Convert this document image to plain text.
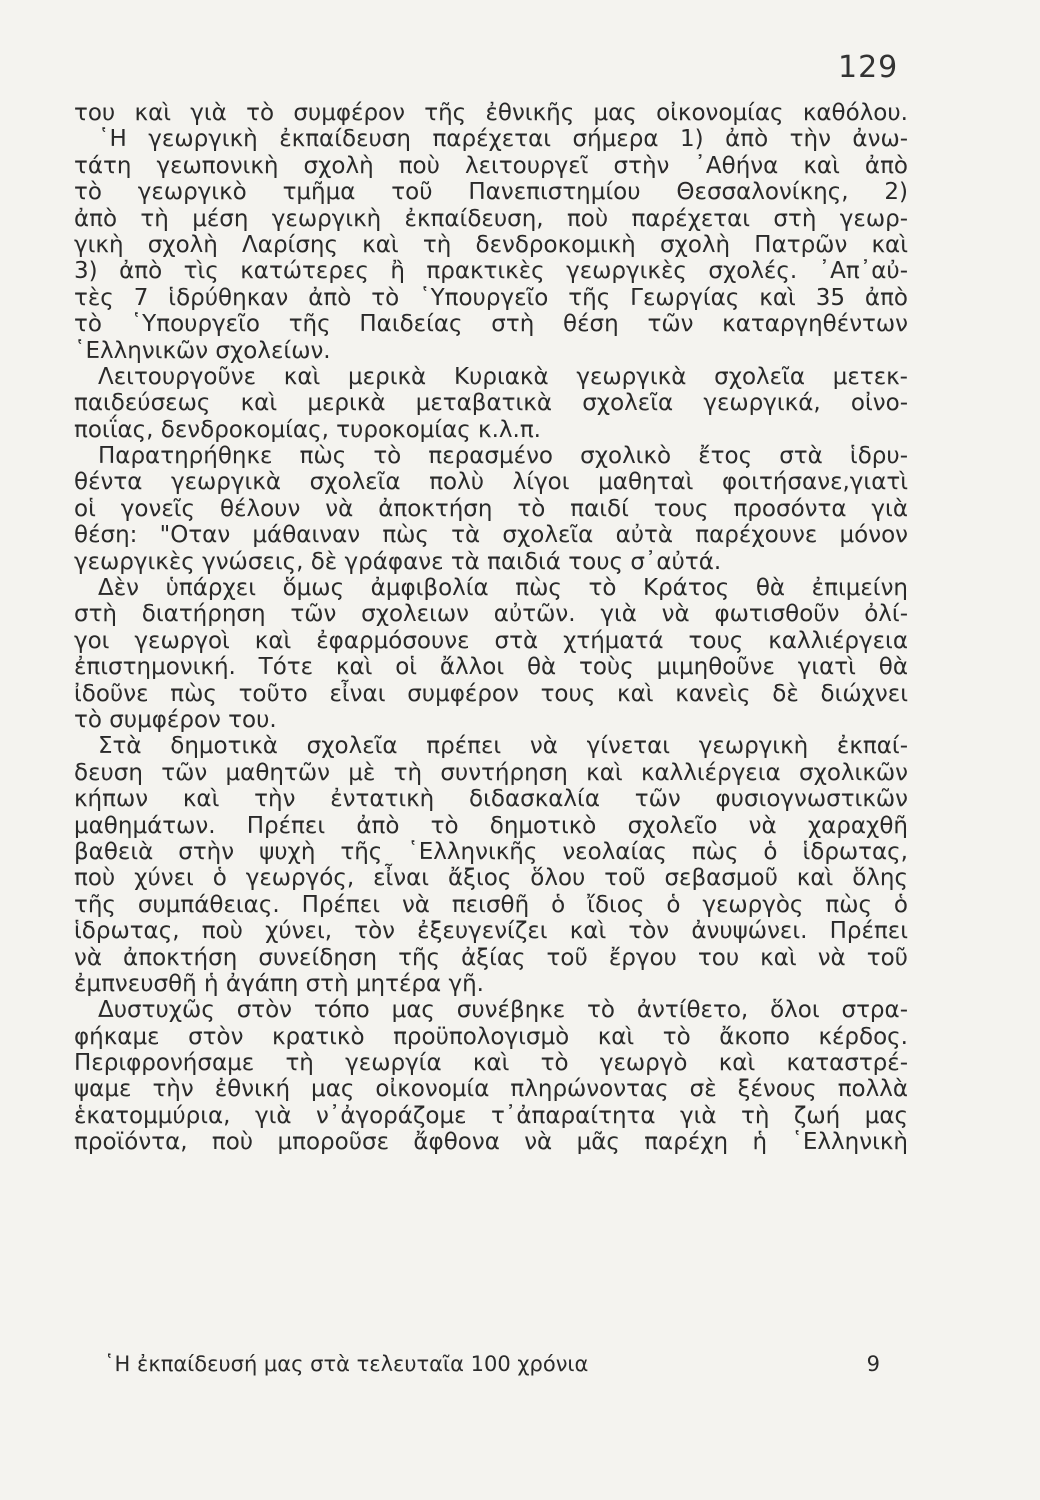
129
του καὶ γιὰ τὸ συμφέρον τῆς ἐθνικῆς μας οἰκονομίας καθόλου.
῾Η γεωργικὴ ἐκπαίδευση παρέχεται σήμερα 1) ἀπὸ τὴν ἀνω-
τάτη γεωπονικὴ σχολὴ ποὺ λειτουργεῖ στὴν ᾿Αθήνα καὶ ἀπὸ
τὸ γεωργικὸ τμῆμα τοῦ Πανεπιστημίου Θεσσαλονίκης, 2)
ἀπὸ τὴ μέση γεωργικὴ ἐκπαίδευση, ποὺ παρέχεται στὴ γεωρ-
γικὴ σχολὴ Λαρίσης καὶ τὴ δενδροκομικὴ σχολὴ Πατρῶν καὶ
3) ἀπὸ τὶς κατώτερες ἢ πρακτικὲς γεωργικὲς σχολές. ᾿Απ᾿αὐ-
τὲς 7 ἱδρύθηκαν ἀπὸ τὸ ῾Υπουργεῖο τῆς Γεωργίας καὶ 35 ἀπὸ
τὸ ῾Υπουργεῖο τῆς Παιδείας στὴ θέση τῶν καταργηθέντων
῾Ελληνικῶν σχολείων.
Λειτουργοῦνε καὶ μερικὰ Κυριακὰ γεωργικὰ σχολεῖα μετεκ-
παιδεύσεως καὶ μερικὰ μεταβατικὰ σχολεῖα γεωργικά, οἰνο-
ποιΐας, δενδροκομίας, τυροκομίας κ.λ.π.
Παρατηρήθηκε πὼς τὸ περασμένο σχολικὸ ἔτος στὰ ἱδρυ-
θέντα γεωργικὰ σχολεῖα πολὺ λίγοι μαθηταὶ φοιτήσανε,γιατὶ
οἱ γονεῖς θέλουν νὰ ἀποκτήση τὸ παιδί τους προσόντα γιὰ
θέση: "Οταν μάθαιναν πὼς τὰ σχολεῖα αὐτὰ παρέχουνε μόνον
γεωργικὲς γνώσεις, δὲ γράφανε τὰ παιδιά τους σ᾿αὐτά.
Δὲν ὑπάρχει ὅμως ἀμφιβολία πὼς τὸ Κράτος θὰ ἐπιμείνη
στὴ διατήρηση τῶν σχολειων αὐτῶν. γιὰ νὰ φωτισθοῦν ὀλί-
γοι γεωργοὶ καὶ ἐφαρμόσουνε στὰ χτήματά τους καλλιέργεια
ἐπιστημονική. Τότε καὶ οἱ ἄλλοι θὰ τοὺς μιμηθοῦνε γιατὶ θὰ
ἰδοῦνε πὼς τοῦτο εἶναι συμφέρον τους καὶ κανεὶς δὲ διώχνει
τὸ συμφέρον του.
Στὰ δημοτικὰ σχολεῖα πρέπει νὰ γίνεται γεωργικὴ ἐκπαί-
δευση τῶν μαθητῶν μὲ τὴ συντήρηση καὶ καλλιέργεια σχολικῶν
κήπων καὶ τὴν ἐντατικὴ διδασκαλία τῶν φυσιογνωστικῶν
μαθημάτων. Πρέπει ἀπὸ τὸ δημοτικὸ σχολεῖο νὰ χαραχθῆ
βαθειὰ στὴν ψυχὴ τῆς ῾Ελληνικῆς νεολαίας πὼς ὁ ἱδρωτας,
ποὺ χύνει ὁ γεωργός, εἶναι ἄξιος ὅλου τοῦ σεβασμοῦ καὶ ὅλης
τῆς συμπάθειας. Πρέπει νὰ πεισθῆ ὁ ἴδιος ὁ γεωργὸς πὼς ὁ
ἱδρωτας, ποὺ χύνει, τὸν ἐξευγενίζει καὶ τὸν ἀνυψώνει. Πρέπει
νὰ ἀποκτήση συνείδηση τῆς ἀξίας τοῦ ἔργου του καὶ νὰ τοῦ
ἐμπνευσθῆ ἡ ἀγάπη στὴ μητέρα γῆ.
Δυστυχῶς στὸν τόπο μας συνέβηκε τὸ ἀντίθετο, ὅλοι στρα-
φήκαμε στὸν κρατικὸ προϋπολογισμὸ καὶ τὸ ἄκοπο κέρδος.
Περιφρονήσαμε τὴ γεωργία καὶ τὸ γεωργὸ καὶ καταστρέ-
ψαμε τὴν ἐθνική μας οἰκονομία πληρώνοντας σὲ ξένους πολλὰ
ἑκατομμύρια, γιὰ ν᾿ἀγοράζομε τ᾿ἀπαραίτητα γιὰ τὴ ζωή μας
προϊόντα, ποὺ μποροῦσε ἄφθονα νὰ μᾶς παρέχη ἡ ῾Ελληνικὴ
῾Η ἐκπαίδευσή μας στὰ τελευταῖα 100 χρόνια	9
